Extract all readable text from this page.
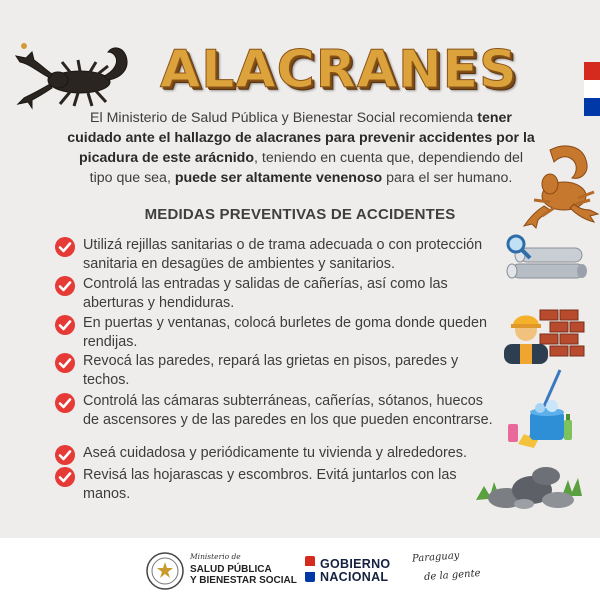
ALACRANES
El Ministerio de Salud Pública y Bienestar Social recomienda tener cuidado ante el hallazgo de alacranes para prevenir accidentes por la picadura de este arácnido, teniendo en cuenta que, dependiendo del tipo que sea, puede ser altamente venenoso para el ser humano.
MEDIDAS PREVENTIVAS DE ACCIDENTES
Utilizá rejillas sanitarias o de trama adecuada o con protección sanitaria en desagües de ambientes y sanitarios.
Controlá las entradas y salidas de cañerías, así como las aberturas y hendiduras.
En puertas y ventanas, colocá burletes de goma donde queden rendijas.
Revocá las paredes, repará las grietas en pisos, paredes y techos.
Controlá las cámaras subterráneas, cañerías, sótanos, huecos de ascensores y de las paredes en los que pueden encontrarse.
Aseá cuidadosa y periódicamente tu vivienda y alrededores.
Revisá las hojarascas y escombros. Evitá juntarlos con las manos.
Ministerio de
SALUD PÚBLICA
Y BIENESTAR SOCIAL
GOBIERNO
NACIONAL
Paraguay
de la gente
